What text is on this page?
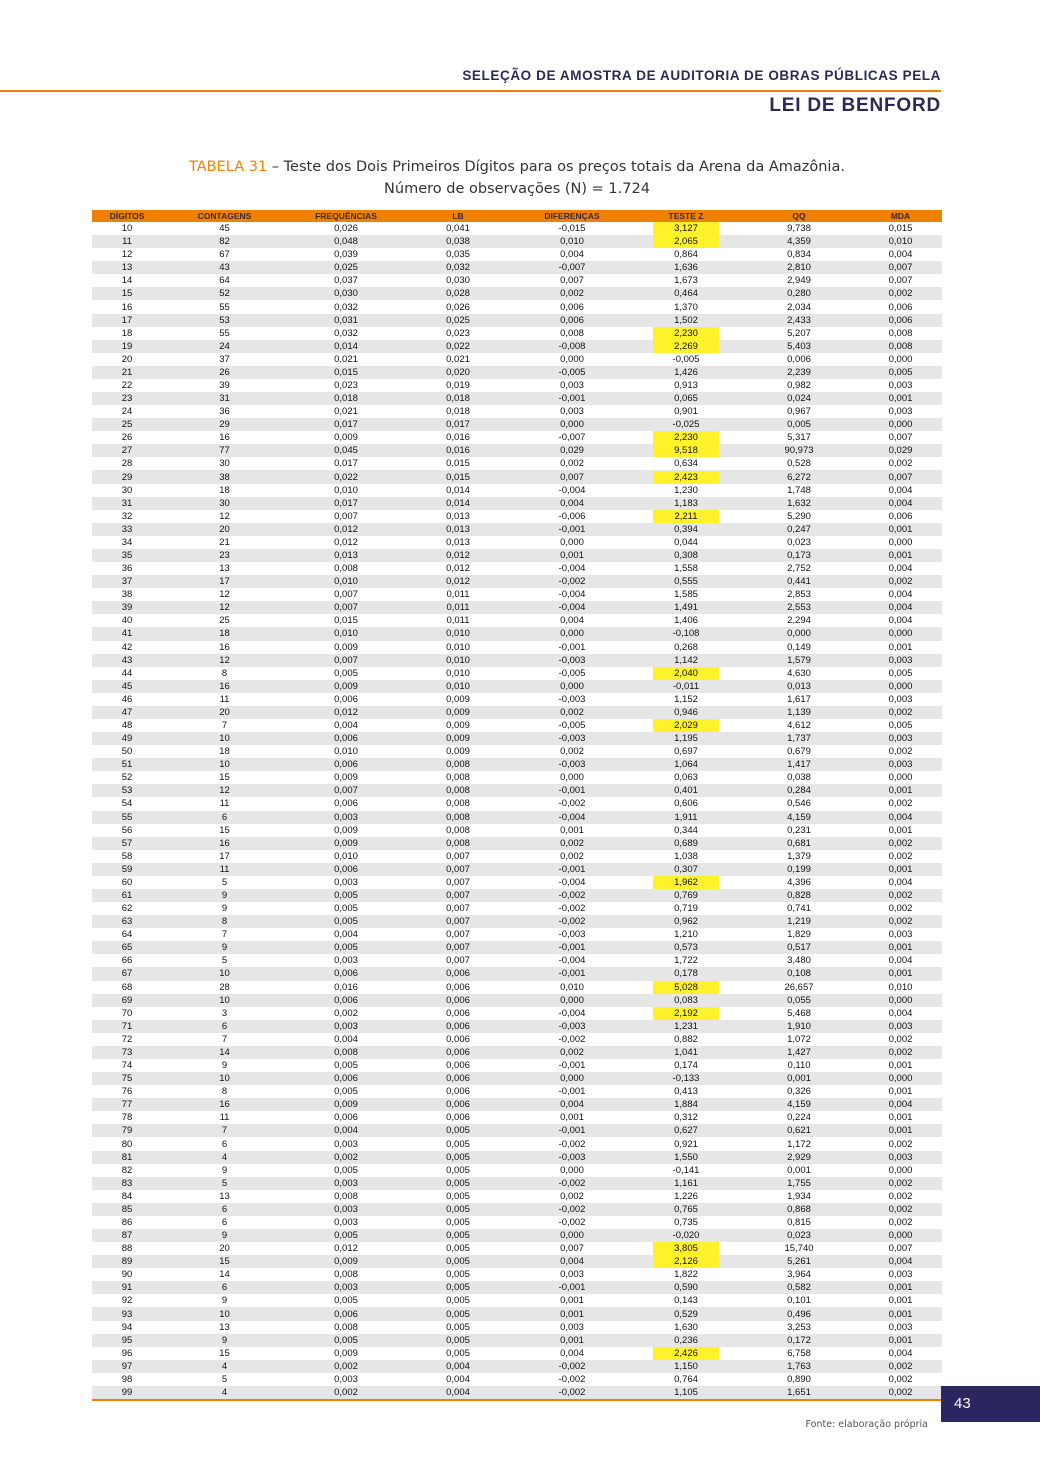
SELEÇÃO DE AMOSTRA DE AUDITORIA DE OBRAS PÚBLICAS PELA
LEI DE BENFORD
TABELA 31 – Teste dos Dois Primeiros Dígitos para os preços totais da Arena da Amazônia.
Número de observações (N) = 1.724
DÍGITOS	CONTAGENS	FREQUÊNCIAS	LB	DIFERENÇAS	TESTE Z	QQ	MDA
10	45	0,026	0,041	-0,015	3,127	9,738	0,015
11	82	0,048	0,038	0,010	2,065	4,359	0,010
12	67	0,039	0,035	0,004	0,864	0,834	0,004
13	43	0,025	0,032	-0,007	1,636	2,810	0,007
14	64	0,037	0,030	0,007	1,673	2,949	0,007
15	52	0,030	0,028	0,002	0,464	0,280	0,002
16	55	0,032	0,026	0,006	1,370	2,034	0,006
17	53	0,031	0,025	0,006	1,502	2,433	0,006
18	55	0,032	0,023	0,008	2,230	5,207	0,008
19	24	0,014	0,022	-0,008	2,269	5,403	0,008
20	37	0,021	0,021	0,000	-0,005	0,006	0,000
21	26	0,015	0,020	-0,005	1,426	2,239	0,005
22	39	0,023	0,019	0,003	0,913	0,982	0,003
23	31	0,018	0,018	-0,001	0,065	0,024	0,001
24	36	0,021	0,018	0,003	0,901	0,967	0,003
25	29	0,017	0,017	0,000	-0,025	0,005	0,000
26	16	0,009	0,016	-0,007	2,230	5,317	0,007
27	77	0,045	0,016	0,029	9,518	90,973	0,029
28	30	0,017	0,015	0,002	0,634	0,528	0,002
29	38	0,022	0,015	0,007	2,423	6,272	0,007
30	18	0,010	0,014	-0,004	1,230	1,748	0,004
31	30	0,017	0,014	0,004	1,183	1,632	0,004
32	12	0,007	0,013	-0,006	2,211	5,290	0,006
33	20	0,012	0,013	-0,001	0,394	0,247	0,001
34	21	0,012	0,013	0,000	0,044	0,023	0,000
35	23	0,013	0,012	0,001	0,308	0,173	0,001
36	13	0,008	0,012	-0,004	1,558	2,752	0,004
37	17	0,010	0,012	-0,002	0,555	0,441	0,002
38	12	0,007	0,011	-0,004	1,585	2,853	0,004
39	12	0,007	0,011	-0,004	1,491	2,553	0,004
40	25	0,015	0,011	0,004	1,406	2,294	0,004
41	18	0,010	0,010	0,000	-0,108	0,000	0,000
42	16	0,009	0,010	-0,001	0,268	0,149	0,001
43	12	0,007	0,010	-0,003	1,142	1,579	0,003
44	8	0,005	0,010	-0,005	2,040	4,630	0,005
45	16	0,009	0,010	0,000	-0,011	0,013	0,000
46	11	0,006	0,009	-0,003	1,152	1,617	0,003
47	20	0,012	0,009	0,002	0,946	1,139	0,002
48	7	0,004	0,009	-0,005	2,029	4,612	0,005
49	10	0,006	0,009	-0,003	1,195	1,737	0,003
50	18	0,010	0,009	0,002	0,697	0,679	0,002
51	10	0,006	0,008	-0,003	1,064	1,417	0,003
52	15	0,009	0,008	0,000	0,063	0,038	0,000
53	12	0,007	0,008	-0,001	0,401	0,284	0,001
54	11	0,006	0,008	-0,002	0,606	0,546	0,002
55	6	0,003	0,008	-0,004	1,911	4,159	0,004
56	15	0,009	0,008	0,001	0,344	0,231	0,001
57	16	0,009	0,008	0,002	0,689	0,681	0,002
58	17	0,010	0,007	0,002	1,038	1,379	0,002
59	11	0,006	0,007	-0,001	0,307	0,199	0,001
60	5	0,003	0,007	-0,004	1,962	4,396	0,004
61	9	0,005	0,007	-0,002	0,769	0,828	0,002
62	9	0,005	0,007	-0,002	0,719	0,741	0,002
63	8	0,005	0,007	-0,002	0,962	1,219	0,002
64	7	0,004	0,007	-0,003	1,210	1,829	0,003
65	9	0,005	0,007	-0,001	0,573	0,517	0,001
66	5	0,003	0,007	-0,004	1,722	3,480	0,004
67	10	0,006	0,006	-0,001	0,178	0,108	0,001
68	28	0,016	0,006	0,010	5,028	26,657	0,010
69	10	0,006	0,006	0,000	0,083	0,055	0,000
70	3	0,002	0,006	-0,004	2,192	5,468	0,004
71	6	0,003	0,006	-0,003	1,231	1,910	0,003
72	7	0,004	0,006	-0,002	0,882	1,072	0,002
73	14	0,008	0,006	0,002	1,041	1,427	0,002
74	9	0,005	0,006	-0,001	0,174	0,110	0,001
75	10	0,006	0,006	0,000	-0,133	0,001	0,000
76	8	0,005	0,006	-0,001	0,413	0,326	0,001
77	16	0,009	0,006	0,004	1,884	4,159	0,004
78	11	0,006	0,006	0,001	0,312	0,224	0,001
79	7	0,004	0,005	-0,001	0,627	0,621	0,001
80	6	0,003	0,005	-0,002	0,921	1,172	0,002
81	4	0,002	0,005	-0,003	1,550	2,929	0,003
82	9	0,005	0,005	0,000	-0,141	0,001	0,000
83	5	0,003	0,005	-0,002	1,161	1,755	0,002
84	13	0,008	0,005	0,002	1,226	1,934	0,002
85	6	0,003	0,005	-0,002	0,765	0,868	0,002
86	6	0,003	0,005	-0,002	0,735	0,815	0,002
87	9	0,005	0,005	0,000	-0,020	0,023	0,000
88	20	0,012	0,005	0,007	3,805	15,740	0,007
89	15	0,009	0,005	0,004	2,126	5,261	0,004
90	14	0,008	0,005	0,003	1,822	3,964	0,003
91	6	0,003	0,005	-0,001	0,590	0,582	0,001
92	9	0,005	0,005	0,001	0,143	0,101	0,001
93	10	0,006	0,005	0,001	0,529	0,496	0,001
94	13	0,008	0,005	0,003	1,630	3,253	0,003
95	9	0,005	0,005	0,001	0,236	0,172	0,001
96	15	0,009	0,005	0,004	2,426	6,758	0,004
97	4	0,002	0,004	-0,002	1,150	1,763	0,002
98	5	0,003	0,004	-0,002	0,764	0,890	0,002
99	4	0,002	0,004	-0,002	1,105	1,651	0,002
Fonte: elaboração própria
43
